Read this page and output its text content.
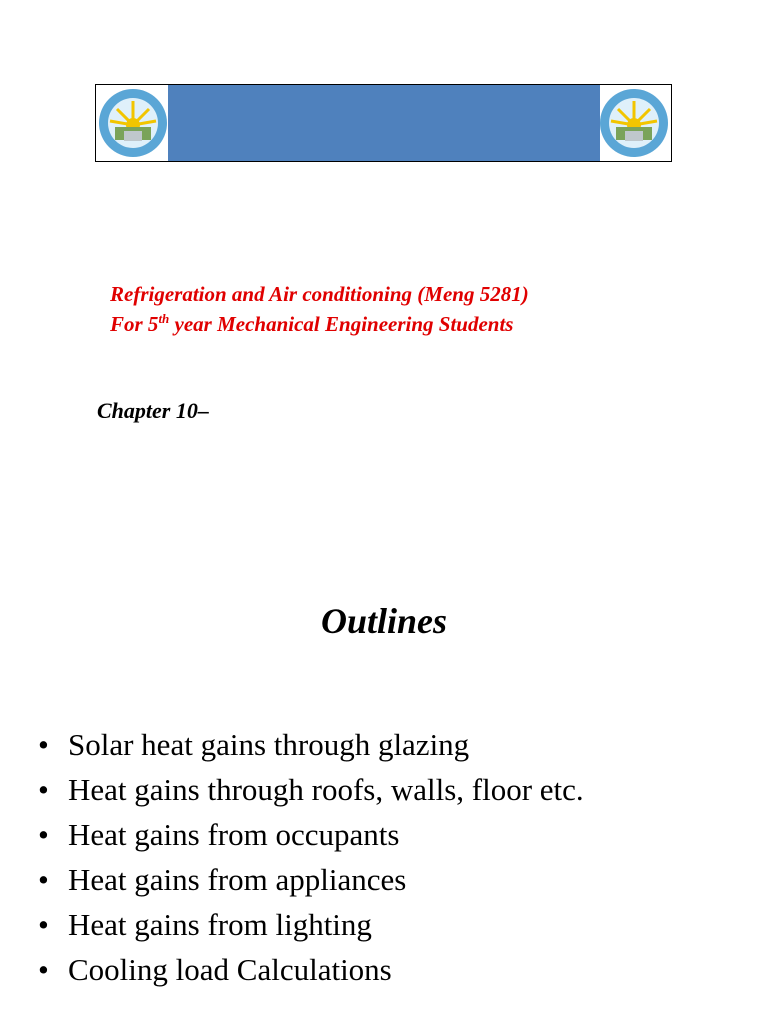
Refrigeration and Air conditioning (Meng 5281)
For 5th year Mechanical Engineering Students
Chapter 10–
Outlines
• Solar heat gains through glazing
• Heat gains through roofs, walls, floor etc.
• Heat gains from occupants
• Heat gains from appliances
• Heat gains from lighting
• Cooling load Calculations
